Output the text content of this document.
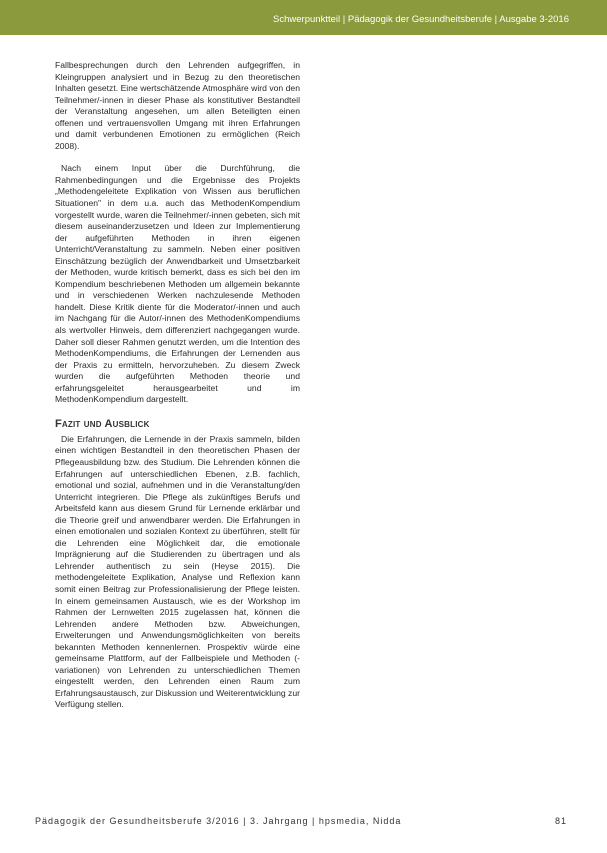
Schwerpunktteil | Pädagogik der Gesundheitsberufe | Ausgabe 3-2016

Fallbesprechungen durch den Lehrenden aufgegriffen, in Kleingruppen analysiert und in Bezug zu den theoretischen Inhalten gesetzt. Eine wertschätzende Atmosphäre wird von den Teilnehmer/-innen in dieser Phase als konstitutiver Bestandteil der Veranstaltung angesehen, um allen Beteiligten einen offenen und vertrauensvollen Umgang mit ihren Erfahrungen und damit verbundenen Emotionen zu ermöglichen (Reich 2008).

Nach einem Input über die Durchführung, die Rahmenbedingungen und die Ergebnisse des Projekts „Methodengeleitete Explikation von Wissen aus beruflichen Situationen" in dem u.a. auch das MethodenKompendium vorgestellt wurde, waren die Teilnehmer/-innen gebeten, sich mit diesem auseinanderzusetzen und Ideen zur Implementierung der aufgeführten Methoden in ihren eigenen Unterricht/Veranstaltung zu sammeln. Neben einer positiven Einschätzung bezüglich der Anwendbarkeit und Umsetzbarkeit der Methoden, wurde kritisch bemerkt, dass es sich bei den im Kompendium beschriebenen Methoden um allgemein bekannte und in verschiedenen Werken nachzulesende Methoden handelt. Diese Kritik diente für die Moderator/-innen und auch im Nachgang für die Autor/-innen des MethodenKompendiums als wertvoller Hinweis, dem differenziert nachgegangen wurde. Daher soll dieser Rahmen genutzt werden, um die Intention des MethodenKompendiums, die Erfahrungen der Lernenden aus der Praxis zu ermitteln, hervorzuheben. Zu diesem Zweck wurden die aufgeführten Methoden theorie und erfahrungsgeleitet herausgearbeitet und im MethodenKompendium dargestellt.

Fazit und Ausblick

Die Erfahrungen, die Lernende in der Praxis sammeln, bilden einen wichtigen Bestandteil in den theoretischen Phasen der Pflegeausbildung bzw. des Studium. Die Lehrenden können die Erfahrungen auf unterschiedlichen Ebenen, z.B. fachlich, emotional und sozial, aufnehmen und in die Veranstaltung/den Unterricht integrieren. Die Pflege als zukünftiges Berufs und Arbeitsfeld kann aus diesem Grund für Lernende erklärbar und die Theorie greif und anwendbarer werden. Die Erfahrungen in einen emotionalen und sozialen Kontext zu überführen, stellt für die Lehrenden eine Möglichkeit dar, die emotionale Imprägnierung auf die Studierenden zu übertragen und als Lehrender authentisch zu sein (Heyse 2015). Die methodengeleitete Explikation, Analyse und Reflexion kann somit einen Beitrag zur Professionalisierung der Pflege leisten. In einem gemeinsamen Austausch, wie es der Workshop im Rahmen der Lernwelten 2015 zugelassen hat, können die Lehrenden andere Methoden bzw. Abweichungen, Erweiterungen und Anwendungsmöglichkeiten von bereits bekannten Methoden kennenlernen. Prospektiv würde eine gemeinsame Plattform, auf der Fallbeispiele und Methoden (-variationen) von Lehrenden zu unterschiedlichen Themen eingestellt werden, den Lehrenden einen Raum zum Erfahrungsaustausch, zur Diskussion und Weiterentwicklung zur Verfügung stellen.

Pädagogik der Gesundheitsberufe 3/2016 | 3. Jahrgang | hpsmedia, Nidda	81
